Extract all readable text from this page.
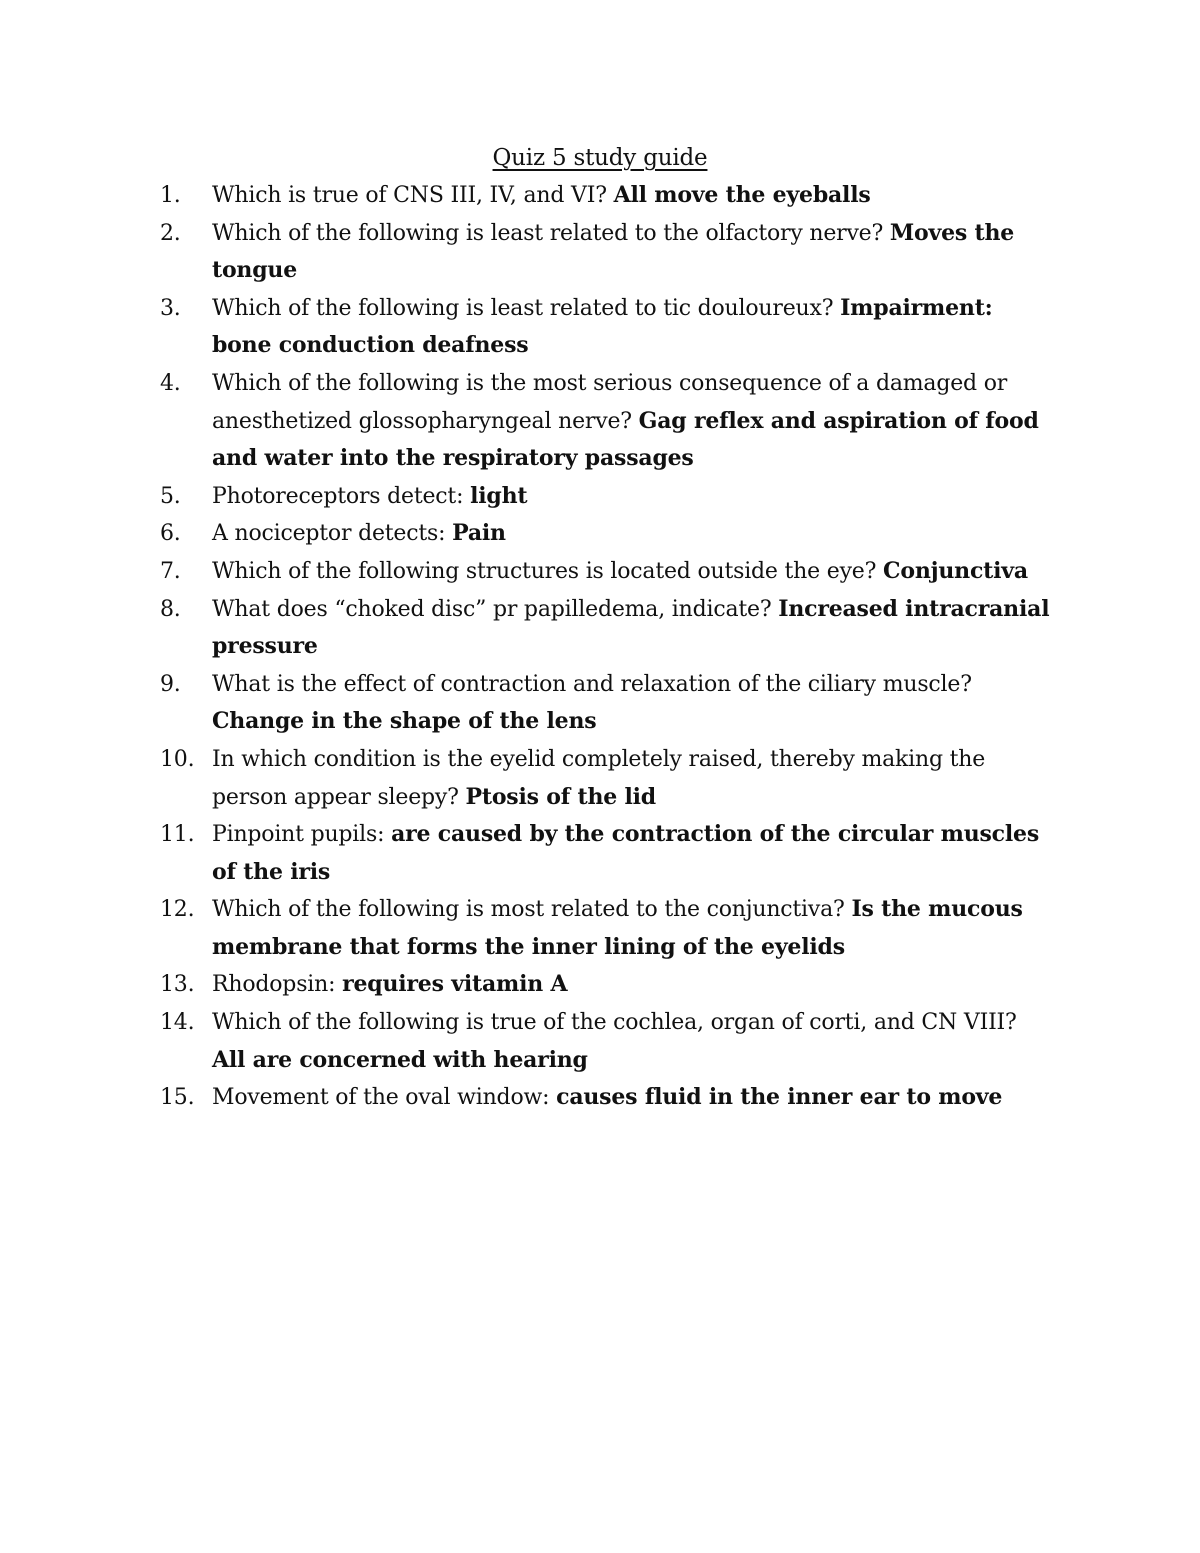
Quiz 5 study guide
1. Which is true of CNS III, IV, and VI? All move the eyeballs
2. Which of the following is least related to the olfactory nerve? Moves the tongue
3. Which of the following is least related to tic douloureux? Impairment: bone conduction deafness
4. Which of the following is the most serious consequence of a damaged or anesthetized glossopharyngeal nerve? Gag reflex and aspiration of food and water into the respiratory passages
5. Photoreceptors detect: light
6. A nociceptor detects: Pain
7. Which of the following structures is located outside the eye? Conjunctiva
8. What does “choked disc” pr papilledema, indicate? Increased intracranial pressure
9. What is the effect of contraction and relaxation of the ciliary muscle? Change in the shape of the lens
10. In which condition is the eyelid completely raised, thereby making the person appear sleepy? Ptosis of the lid
11. Pinpoint pupils: are caused by the contraction of the circular muscles of the iris
12. Which of the following is most related to the conjunctiva? Is the mucous membrane that forms the inner lining of the eyelids
13. Rhodopsin: requires vitamin A
14. Which of the following is true of the cochlea, organ of corti, and CN VIII? All are concerned with hearing
15. Movement of the oval window: causes fluid in the inner ear to move
